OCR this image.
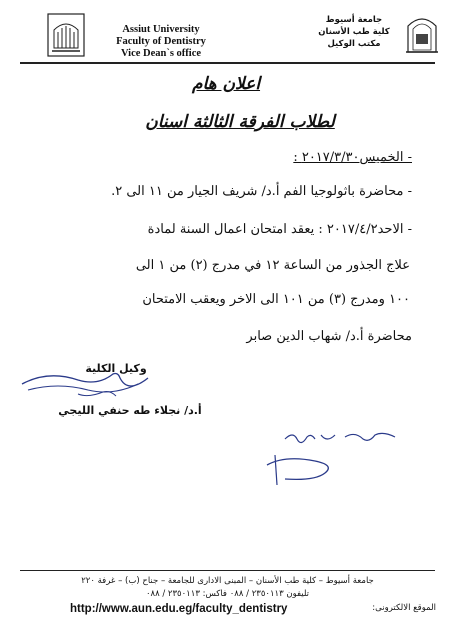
Assiut University
Faculty of Dentistry
Vice Dean`s office
جامعة أسيوط
كلية طب الأسنان
مكتب الوكيل
اعلان هام
لطلاب الفرقة الثالثة اسنان
- الخميس٢٠١٧/٣/٣٠ :
- محاضرة باثولوجيا الفم أ.د/ شريف الجيار من ١١ الى ٢.
- الاحد٢٠١٧/٤/٢ : يعقد امتحان اعمال السنة لمادة
علاج الجذور من الساعة ١٢ في مدرج (٢) من ١ الى
١٠٠ ومدرج (٣) من ١٠١ الى الاخر ويعقب الامتحان
محاضرة أ.د/ شهاب الدين صابر
وكيل الكلية
أ.د/ نجلاء طه حنفي الليجي
جامعة أسيوط – كلية طب الأسنان – المبنى الادارى للجامعة – جناح (ب) – غرفة ٢٢٠
تليفون ٢٣٥٠١١٣ / ٠٨٨ فاكس: ٢٣٥٠١١٣ / ٠٨٨
الموقع الالكترونى:
http://www.aun.edu.eg/faculty_dentistry
